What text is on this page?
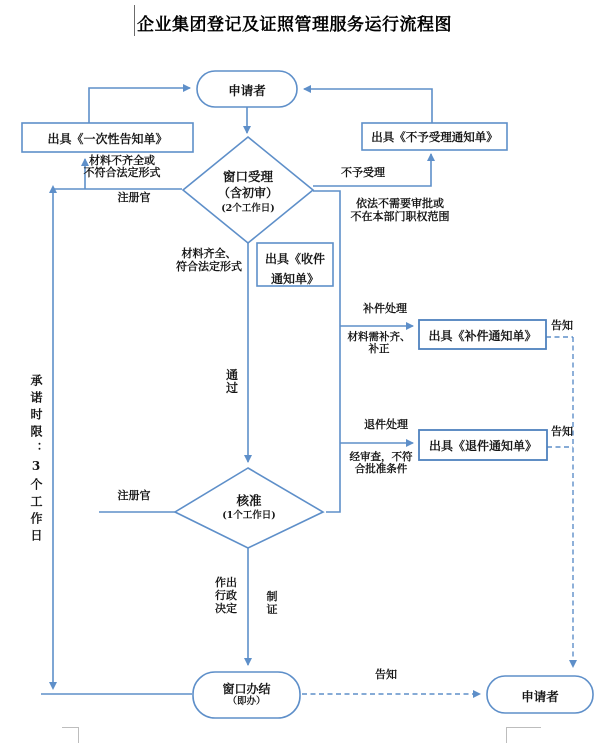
企业集团登记及证照管理服务运行流程图
申请者
出具《一次性告知单》	出具《不予受理通知单》
窗口受理
（含初审）
(2个工作日)
出具《收件
通知单》
出具《补件通知单》
出具《退件通知单》
核准
(1个工作日)
窗口办结
（即办）	申请者
材料不齐全或
不符合法定形式
注册官
不予受理
依法不需要审批或
不在本部门职权范围
材料齐全、
符合法定形式
通
过
补件处理
材料需补齐、
补正
退件处理
经审查，不符
合批准条件
告知
告知
注册官
作出
行政
决定
制
证
告知
承诺时限：3个工作日
